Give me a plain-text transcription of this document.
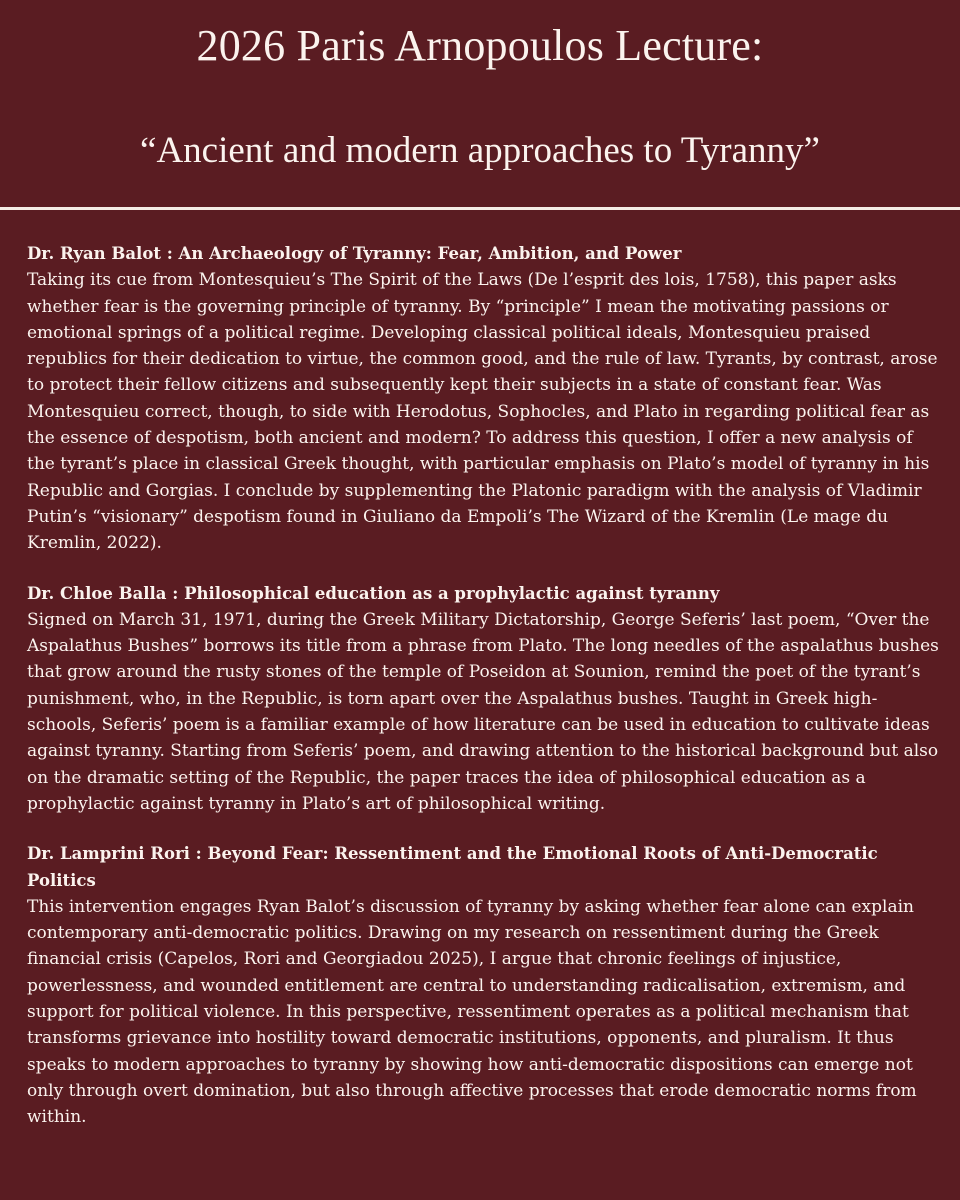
2026 Paris Arnopoulos Lecture:
“Ancient and modern approaches to Tyranny”

Dr. Ryan Balot : An Archaeology of Tyranny: Fear, Ambition, and Power

Taking its cue from Montesquieu’s The Spirit of the Laws (De l’esprit des lois, 1758), this paper asks whether fear is the governing principle of tyranny. By “principle” I mean the motivating passions or emotional springs of a political regime. Developing classical political ideals, Montesquieu praised republics for their dedication to virtue, the common good, and the rule of law. Tyrants, by contrast, arose to protect their fellow citizens and subsequently kept their subjects in a state of constant fear. Was Montesquieu correct, though, to side with Herodotus, Sophocles, and Plato in regarding political fear as the essence of despotism, both ancient and modern? To address this question, I offer a new analysis of the tyrant’s place in classical Greek thought, with particular emphasis on Plato’s model of tyranny in his Republic and Gorgias. I conclude by supplementing the Platonic paradigm with the analysis of Vladimir Putin’s “visionary” despotism found in Giuliano da Empoli’s The Wizard of the Kremlin (Le mage du Kremlin, 2022).

Dr. Chloe Balla : Philosophical education as a prophylactic against tyranny

Signed on March 31, 1971, during the Greek Military Dictatorship, George Seferis’ last poem, “Over the Aspalathus Bushes” borrows its title from a phrase from Plato. The long needles of the aspalathus bushes that grow around the rusty stones of the temple of Poseidon at Sounion, remind the poet of the tyrant’s punishment, who, in the Republic, is torn apart over the Aspalathus bushes. Taught in Greek high-schools, Seferis’ poem is a familiar example of how literature can be used in education to cultivate ideas against tyranny. Starting from Seferis’ poem, and drawing attention to the historical background but also on the dramatic setting of the Republic, the paper traces the idea of philosophical education as a prophylactic against tyranny in Plato’s art of philosophical writing.

Dr. Lamprini Rori : Beyond Fear: Ressentiment and the Emotional Roots of Anti-Democratic Politics

This intervention engages Ryan Balot’s discussion of tyranny by asking whether fear alone can explain contemporary anti-democratic politics. Drawing on my research on ressentiment during the Greek financial crisis (Capelos, Rori and Georgiadou 2025), I argue that chronic feelings of injustice, powerlessness, and wounded entitlement are central to understanding radicalisation, extremism, and support for political violence. In this perspective, ressentiment operates as a political mechanism that transforms grievance into hostility toward democratic institutions, opponents, and pluralism. It thus speaks to modern approaches to tyranny by showing how anti-democratic dispositions can emerge not only through overt domination, but also through affective processes that erode democratic norms from within.
